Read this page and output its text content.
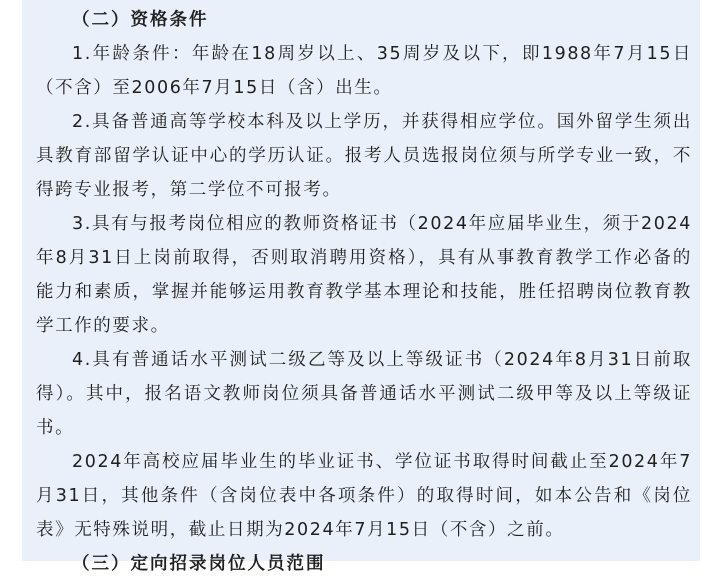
（二）资格条件

1.年龄条件：年龄在18周岁以上、35周岁及以下，即1988年7月15日（不含）至2006年7月15日（含）出生。

2.具备普通高等学校本科及以上学历，并获得相应学位。国外留学生须出具教育部留学认证中心的学历认证。报考人员选报岗位须与所学专业一致，不得跨专业报考，第二学位不可报考。

3.具有与报考岗位相应的教师资格证书（2024年应届毕业生，须于2024年8月31日上岗前取得，否则取消聘用资格），具有从事教育教学工作必备的能力和素质，掌握并能够运用教育教学基本理论和技能，胜任招聘岗位教育教学工作的要求。

4.具有普通话水平测试二级乙等及以上等级证书（2024年8月31日前取得）。其中，报名语文教师岗位须具备普通话水平测试二级甲等及以上等级证书。

2024年高校应届毕业生的毕业证书、学位证书取得时间截止至2024年7月31日，其他条件（含岗位表中各项条件）的取得时间，如本公告和《岗位表》无特殊说明，截止日期为2024年7月15日（不含）之前。

（三）定向招录岗位人员范围
